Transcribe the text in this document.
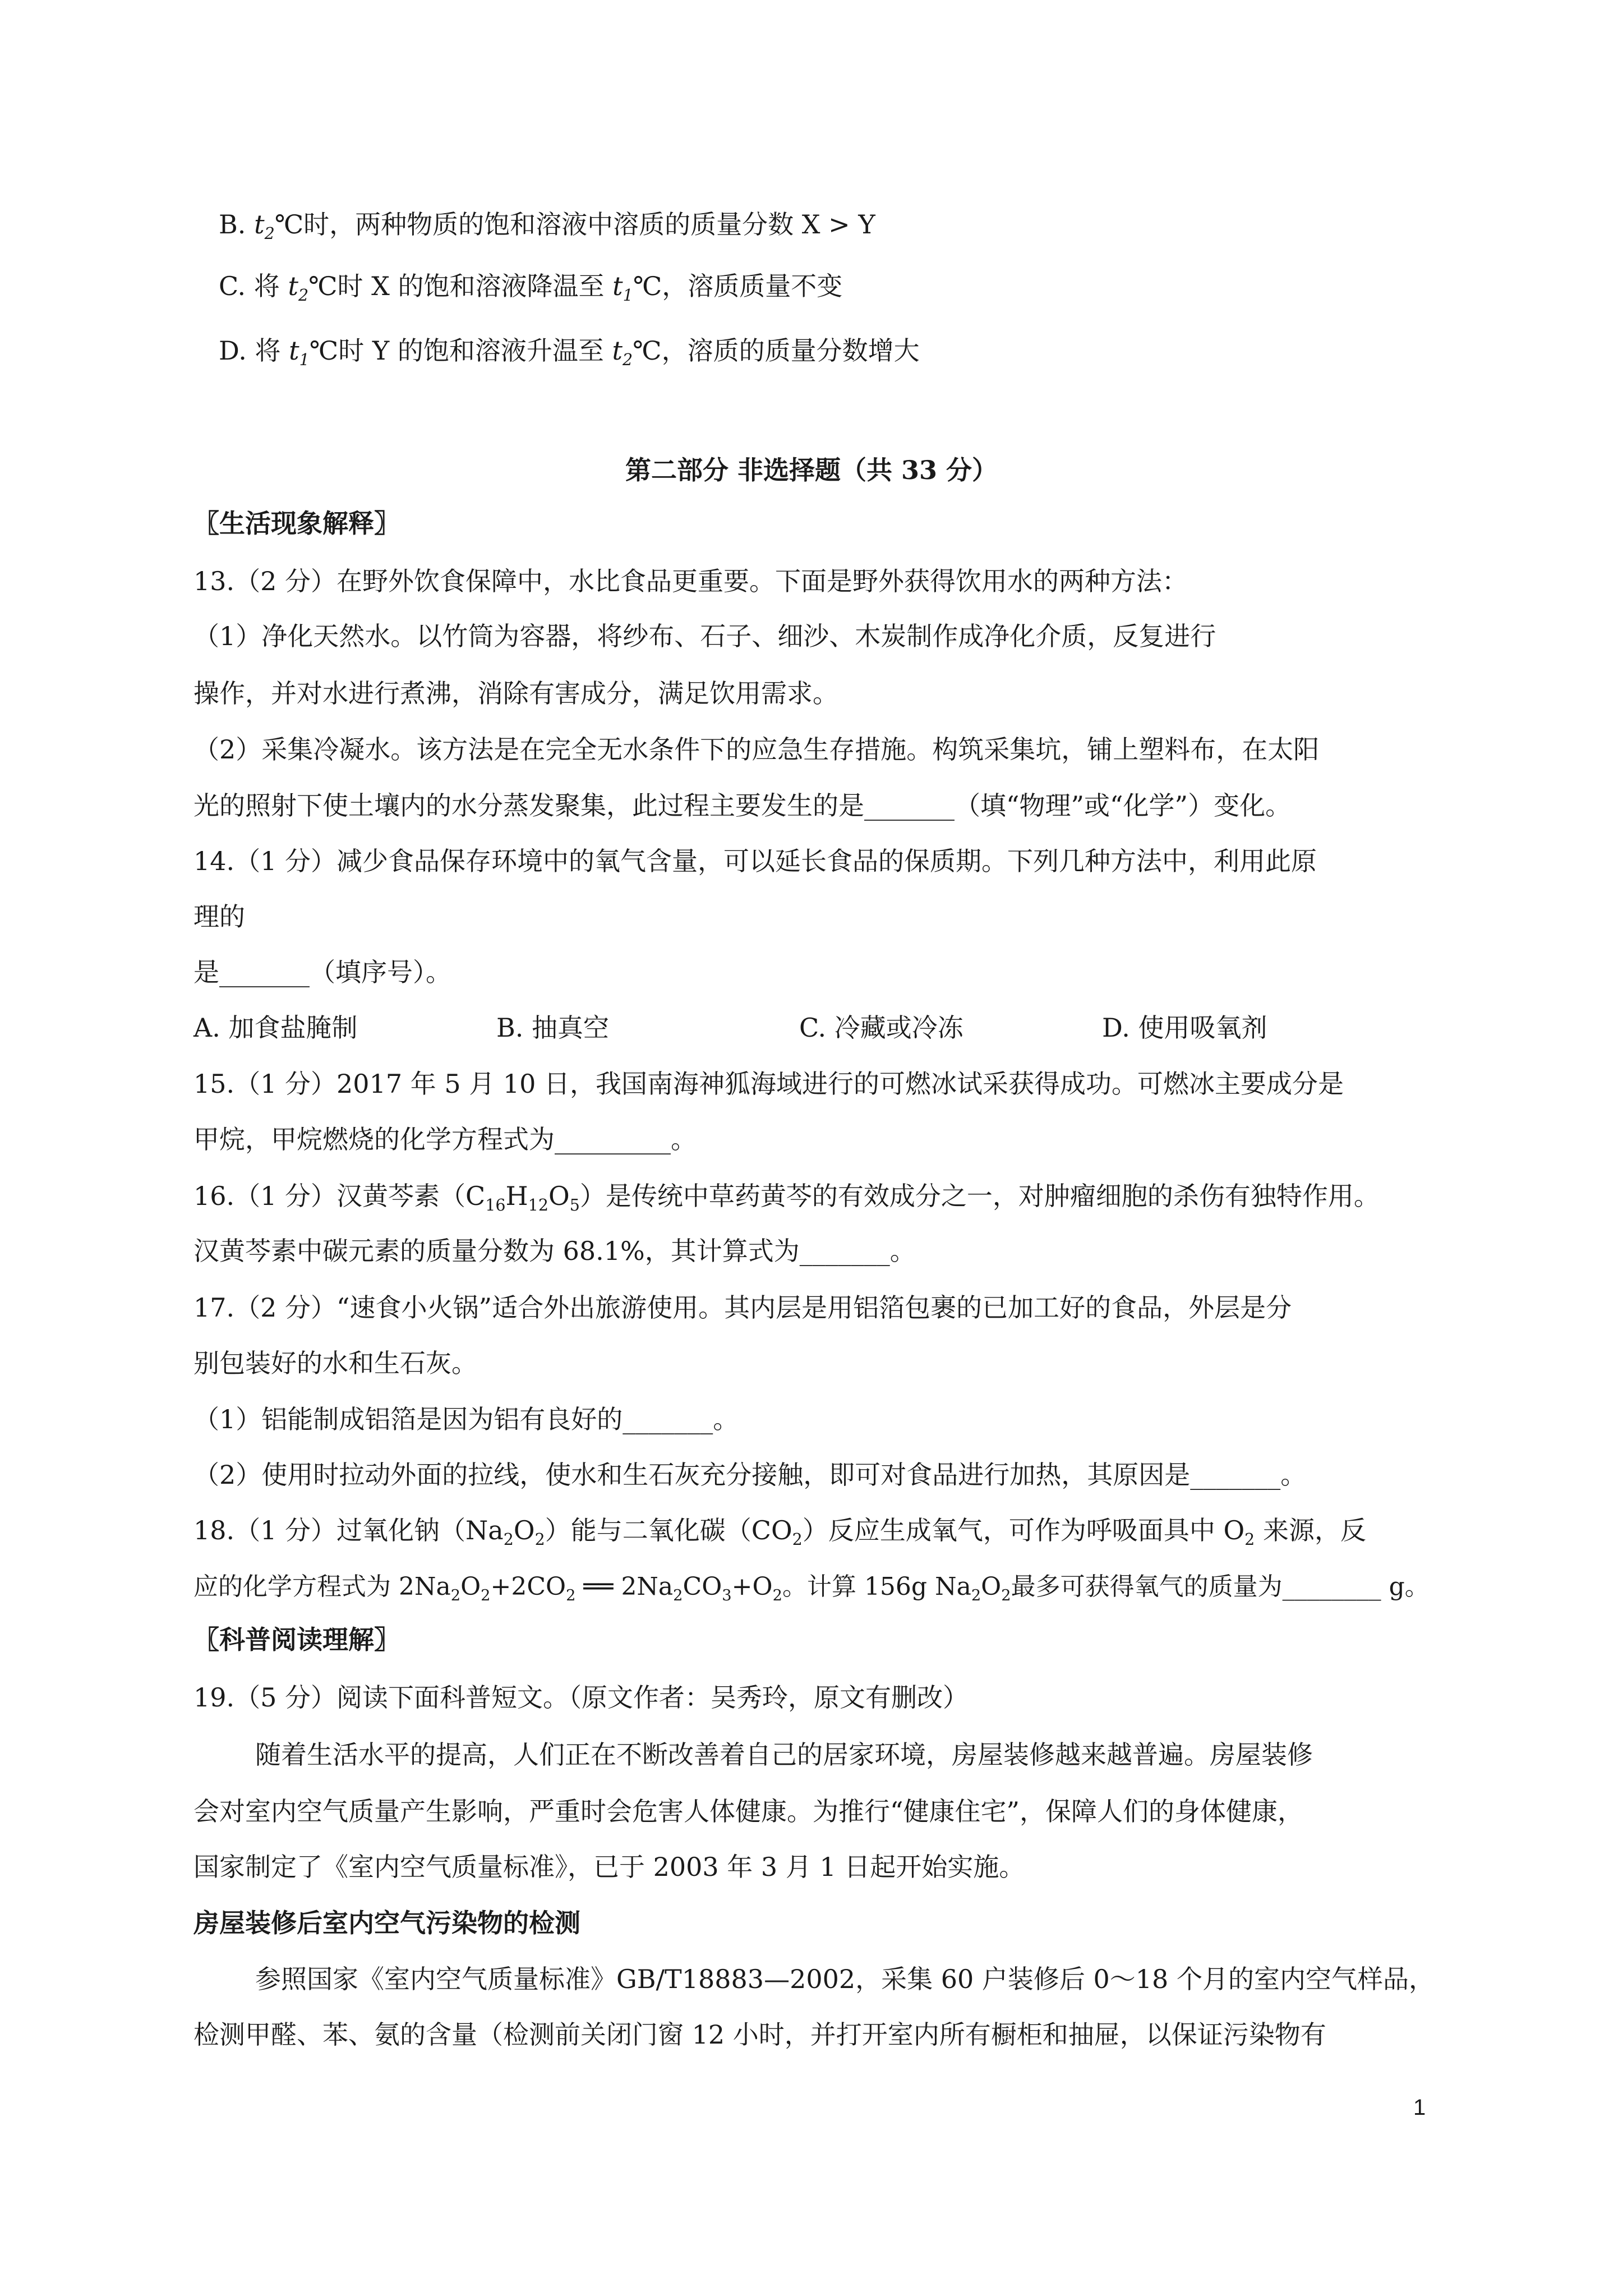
B. $t_2℃$时，两种物质的饱和溶液中溶质的质量分数 X > Y
C. 将 $t_2℃$时 X 的饱和溶液降温至 $t_1℃$，溶质质量不变
D. 将 $t_1℃$时 Y 的饱和溶液升温至 $t_2℃$，溶质的质量分数增大
第二部分 非选择题（共 33 分）
〖生活现象解释〗
13.（2 分）在野外饮食保障中，水比食品更重要。下面是野外获得饮用水的两种方法：
（1）净化天然水。以竹筒为容器，将纱布、石子、细沙、木炭制作成净化介质，反复进行
操作，并对水进行煮沸，消除有害成分，满足饮用需求。
（2）采集冷凝水。该方法是在完全无水条件下的应急生存措施。构筑采集坑，铺上塑料布，在太阳
光的照射下使土壤内的水分蒸发聚集，此过程主要发生的是_______（填“物理”或“化学”）变化。
14.（1 分）减少食品保存环境中的氧气含量，可以延长食品的保质期。下列几种方法中，利用此原
理的
是_______（填序号）。
A. 加食盐腌制	B. 抽真空	C. 冷藏或冷冻	D. 使用吸氧剂
15.（1 分）2017 年 5 月 10 日，我国南海神狐海域进行的可燃冰试采获得成功。可燃冰主要成分是
甲烷，甲烷燃烧的化学方程式为_________。
16.（1 分）汉黄芩素$(C_{16}H_{12}O_5)$是传统中草药黄芩的有效成分之一，对肿瘤细胞的杀伤有独特作用。
汉黄芩素中碳元素的质量分数为 68.1%，其计算式为_______。
17.（2 分）“速食小火锅”适合外出旅游使用。其内层是用铝箔包裹的已加工好的食品，外层是分
别包装好的水和生石灰。
（1）铝能制成铝箔是因为铝有良好的_______。
（2）使用时拉动外面的拉线，使水和生石灰充分接触，即可对食品进行加热，其原因是_______。
18.（1 分）过氧化钠$(Na_2O_2)$能与二氧化碳$(CO_2)$反应生成氧气，可作为呼吸面具中 $O_2$ 来源，反
应的化学方程式为 $2Na_2O_2+2CO_2$ ══ $2Na_2CO_3+O_2$。计算 156g $Na_2O_2$最多可获得氧气的质量为________ g。
〖科普阅读理解〗
19.（5 分）阅读下面科普短文。（原文作者：吴秀玲，原文有删改）
随着生活水平的提高，人们正在不断改善着自己的居家环境，房屋装修越来越普遍。房屋装修
会对室内空气质量产生影响，严重时会危害人体健康。为推行“健康住宅”，保障人们的身体健康，
国家制定了《室内空气质量标准》，已于 2003 年 3 月 1 日起开始实施。
房屋装修后室内空气污染物的检测
参照国家《室内空气质量标准》GB/T18883—2002，采集 60 户装修后 0～18 个月的室内空气样品，
检测甲醛、苯、氨的含量（检测前关闭门窗 12 小时，并打开室内所有橱柜和抽屉，以保证污染物有
1
